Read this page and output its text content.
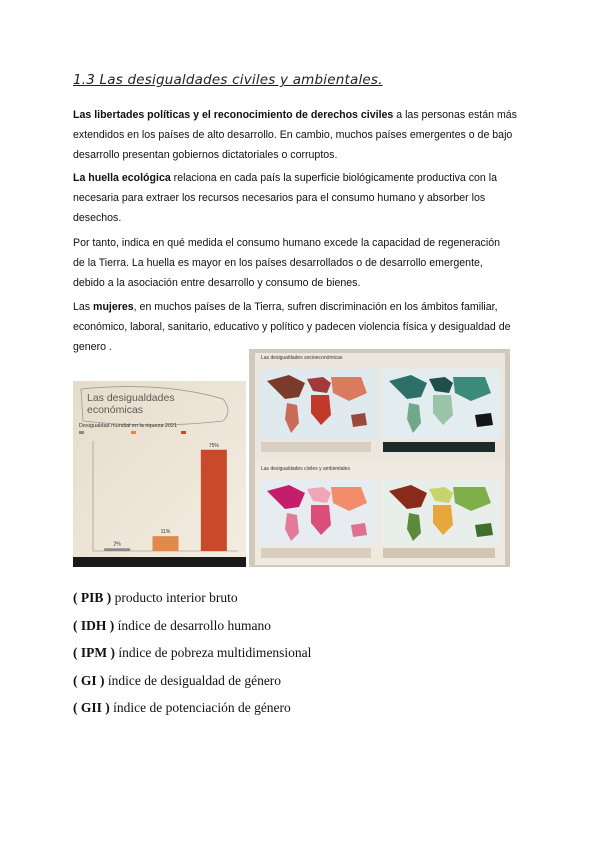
1.3 Las desigualdades civiles y ambientales.
Las libertades políticas y el reconocimiento de derechos civiles a las personas están más
extendidos en los países de alto desarrollo. En cambio, muchos países emergentes o de bajo
desarrollo presentan gobiernos dictatoriales o corruptos.
La huella ecológica relaciona en cada país la superficie biológicamente productiva con la
necesaria para extraer los recursos necesarios para el consumo humano y absorber los
desechos.
Por tanto, indica en qué medida el consumo humano excede la capacidad de regeneración
de la Tierra. La huella es mayor en los países desarrollados o de desarrollo emergente,
debido a la asociación entre desarrollo y consumo de bienes.
Las mujeres, en muchos países de la Tierra, sufren discriminación en los ámbitos familiar,
económico, laboral, sanitario, educativo y político y padecen violencia física y desigualdad de
genero .
Las desigualdades
económicas
Desigualdad mundial en la riqueza 2021
2%
11%
75%
Las desigualdades socioeconómicas
Las desigualdades civiles y ambientales
( PIB ) producto interior bruto
( IDH ) índice de desarrollo humano
( IPM ) índice de pobreza multidimensional
( GI ) índice de desigualdad de género
( GII ) índice de potenciación de género
